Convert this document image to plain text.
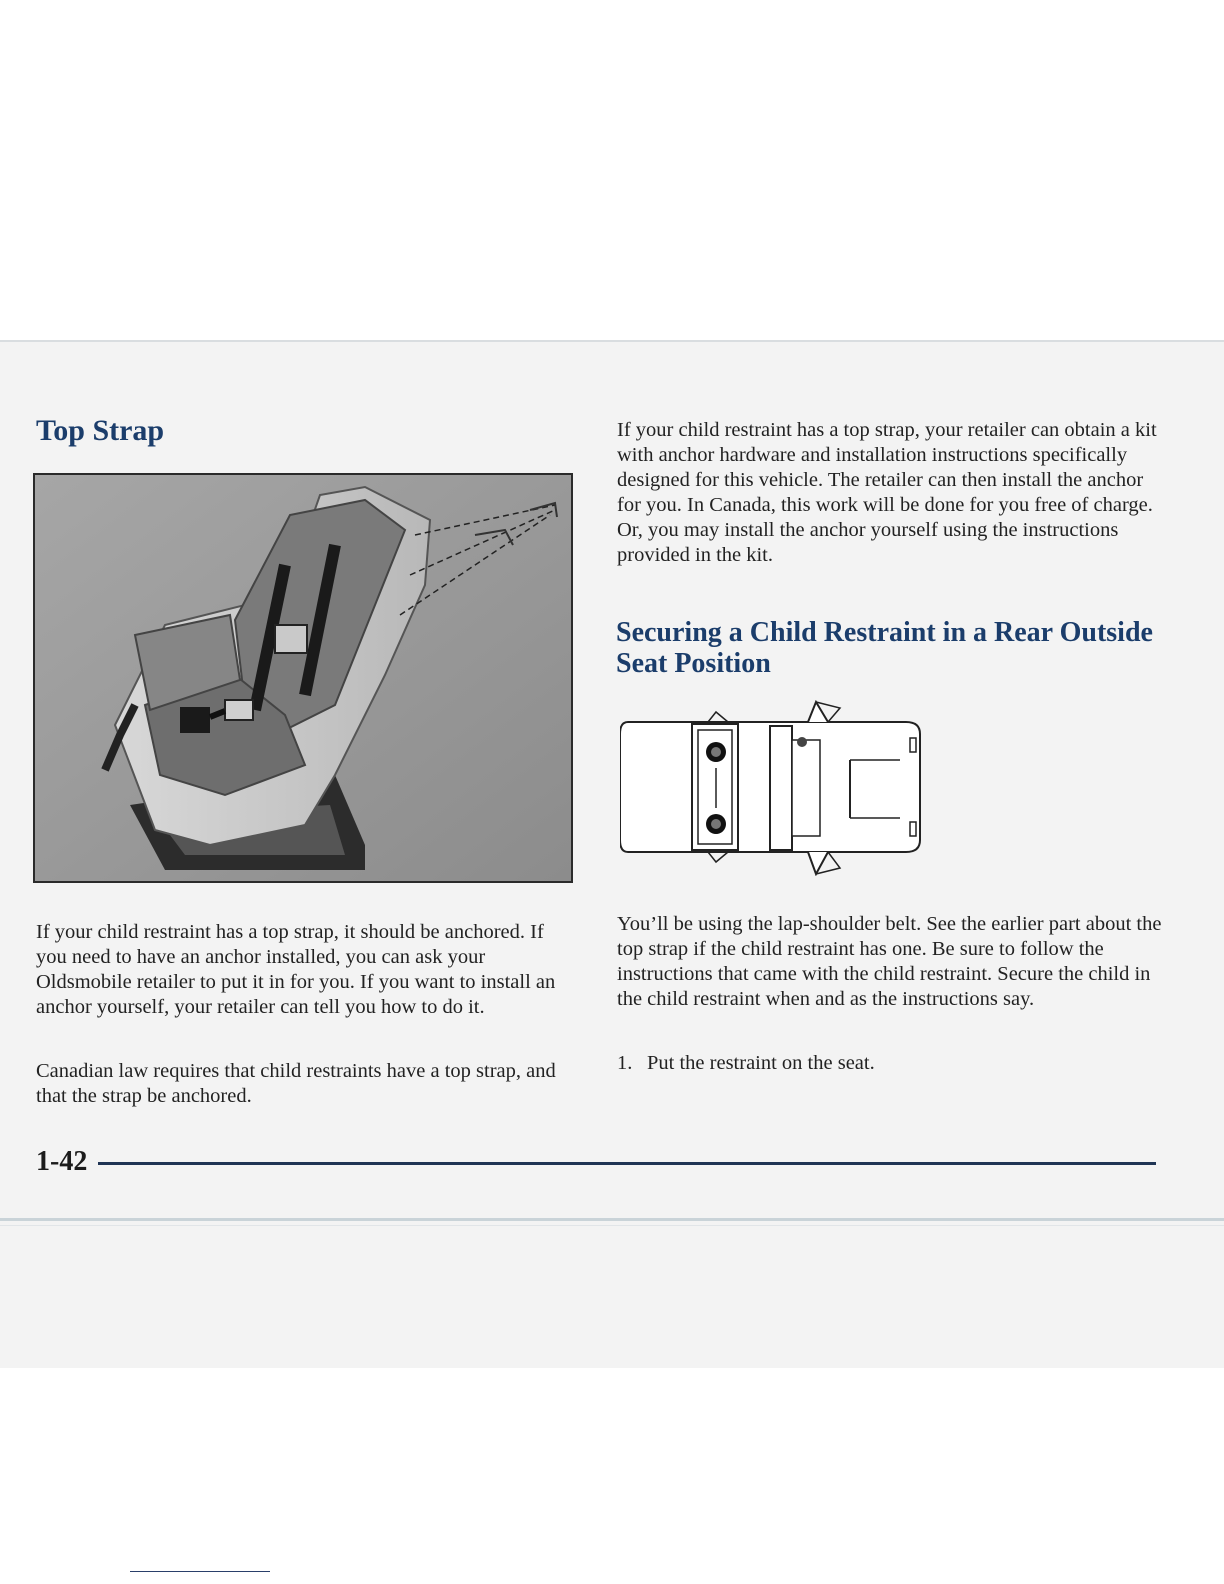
Top Strap

If your child restraint has a top strap, it should be anchored. If you need to have an anchor installed, you can ask your Oldsmobile retailer to put it in for you. If you want to install an anchor yourself, your retailer can tell you how to do it.

Canadian law requires that child restraints have a top strap, and that the strap be anchored.

If your child restraint has a top strap, your retailer can obtain a kit with anchor hardware and installation instructions specifically designed for this vehicle. The retailer can then install the anchor for you. In Canada, this work will be done for you free of charge. Or, you may install the anchor yourself using the instructions provided in the kit.

Securing a Child Restraint in a Rear Outside Seat Position

You’ll be using the lap-shoulder belt. See the earlier part about the top strap if the child restraint has one. Be sure to follow the instructions that came with the child restraint. Secure the child in the child restraint when and as the instructions say.

1. Put the restraint on the seat.
1-42
